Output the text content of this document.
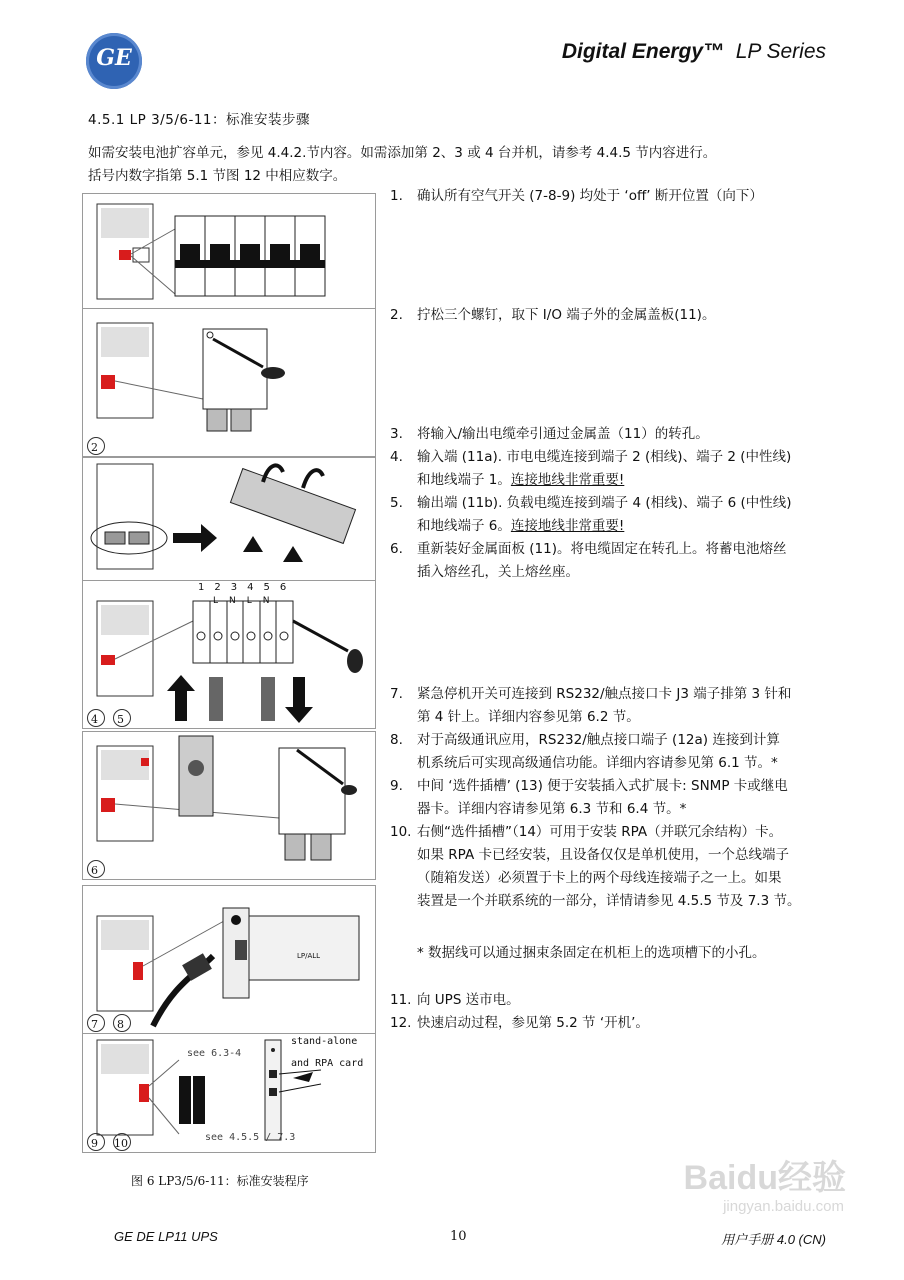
GE	Digital Energy™ LP Series
4.5.1 LP 3/5/6-11：标准安装步骤
如需安装电池扩容单元，参见 4.4.2.节内容。如需添加第 2、3 或 4 台并机，请参考 4.4.5 节内容进行。
括号内数字指第 5.1 节图 12 中相应数字。
2
123456
LNLN
4 5
6
LP/ALL
7 8
see 6.3-4
see 4.5.5 / 7.3
stand-alone
and RPA card
9 10
1. 确认所有空气开关 (7-8-9) 均处于 ‘off’ 断开位置（向下）
2. 拧松三个螺钉，取下 I/O 端子外的金属盖板(11)。
3. 将输入/输出电缆牵引通过金属盖（11）的转孔。
4. 输入端 (11a). 市电电缆连接到端子 2 (相线)、端子 2 (中性线)
和地线端子 1。连接地线非常重要!
5. 输出端 (11b). 负载电缆连接到端子 4 (相线)、端子 6 (中性线)
和地线端子 6。连接地线非常重要!
6. 重新装好金属面板 (11)。将电缆固定在转孔上。将蓄电池熔丝
插入熔丝孔，关上熔丝座。
7. 紧急停机开关可连接到 RS232/触点接口卡 J3 端子排第 3 针和
第 4 针上。详细内容参见第 6.2 节。
8. 对于高级通讯应用，RS232/触点接口端子 (12a) 连接到计算
机系统后可实现高级通信功能。详细内容请参见第 6.1 节。*
9. 中间 ‘选件插槽’ (13) 便于安装插入式扩展卡: SNMP 卡或继电
器卡。详细内容请参见第 6.3 节和 6.4 节。*
10. 右侧“选件插槽”（14）可用于安装 RPA（并联冗余结构）卡。
如果 RPA 卡已经安装，且设备仅仅是单机使用，一个总线端子
（随箱发送）必须置于卡上的两个母线连接端子之一上。如果
装置是一个并联系统的一部分，详情请参见 4.5.5 节及 7.3 节。
* 数据线可以通过捆束条固定在机柜上的选项槽下的小孔。
11. 向 UPS 送市电。
12. 快速启动过程，参见第 5.2 节 ‘开机’。
图 6 LP3/5/6-11：标准安装程序	Baidu经验
jingyan.baidu.com
GE DE LP11 UPS	10	用户手册 4.0 (CN)
